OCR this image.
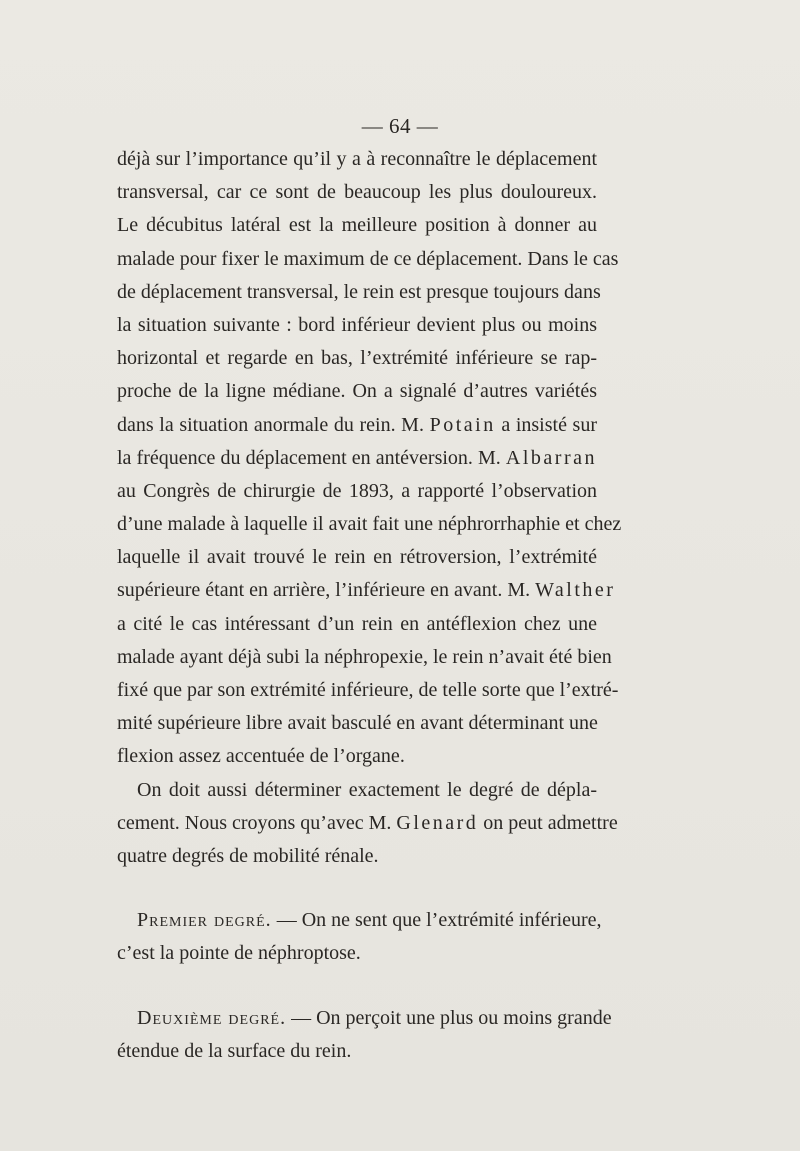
— 64 —
déjà sur l’importance qu’il y a à reconnaître le déplacement
transversal, car ce sont de beaucoup les plus douloureux.
Le décubitus latéral est la meilleure position à donner au
malade pour fixer le maximum de ce déplacement. Dans le cas
de déplacement transversal, le rein est presque toujours dans
la situation suivante : bord inférieur devient plus ou moins
horizontal et regarde en bas, l’extrémité inférieure se rap-
proche de la ligne médiane. On a signalé d’autres variétés
dans la situation anormale du rein. M. Potain a insisté sur
la fréquence du déplacement en antéversion. M. Albarran
au Congrès de chirurgie de 1893, a rapporté l’observation
d’une malade à laquelle il avait fait une néphrorrhaphie et chez
laquelle il avait trouvé le rein en rétroversion, l’extrémité
supérieure étant en arrière, l’inférieure en avant. M. Walther
a cité le cas intéressant d’un rein en antéflexion chez une
malade ayant déjà subi la néphropexie, le rein n’avait été bien
fixé que par son extrémité inférieure, de telle sorte que l’extré-
mité supérieure libre avait basculé en avant déterminant une
flexion assez accentuée de l’organe.
On doit aussi déterminer exactement le degré de dépla-
cement. Nous croyons qu’avec M. Glenard on peut admettre
quatre degrés de mobilité rénale.
Premier degré. — On ne sent que l’extrémité inférieure,
c’est la pointe de néphroptose.
Deuxième degré. — On perçoit une plus ou moins grande
étendue de la surface du rein.
